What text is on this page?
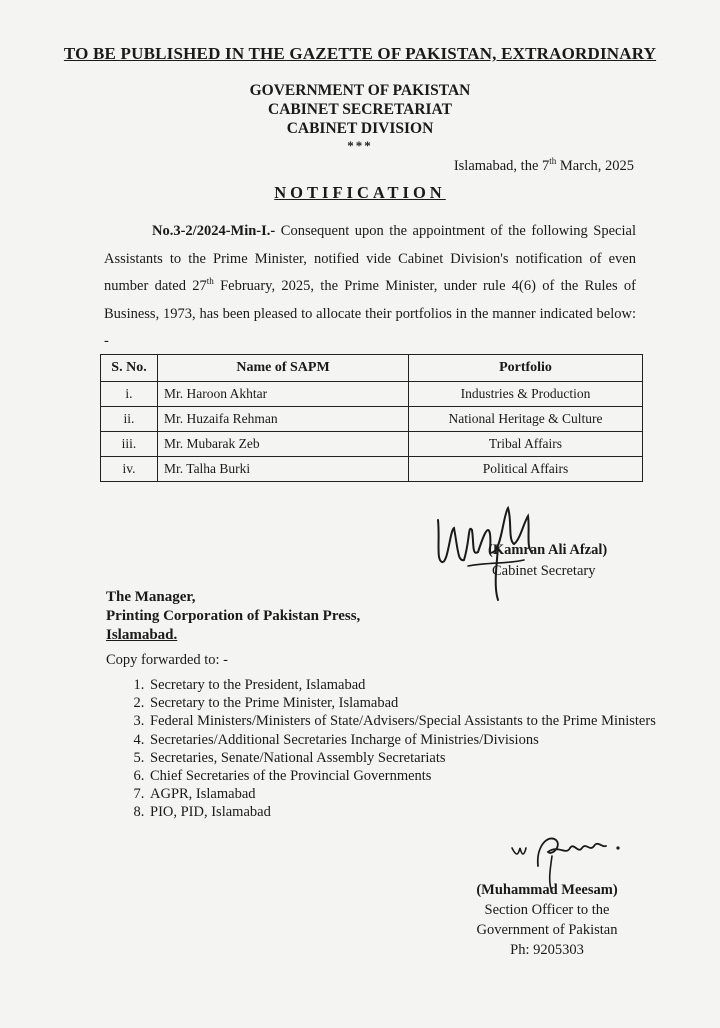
TO BE PUBLISHED IN THE GAZETTE OF PAKISTAN, EXTRAORDINARY
GOVERNMENT OF PAKISTAN
CABINET SECRETARIAT
CABINET DIVISION
***
Islamabad, the 7th March, 2025
NOTIFICATION
No.3-2/2024-Min-I.- Consequent upon the appointment of the following Special Assistants to the Prime Minister, notified vide Cabinet Division's notification of even number dated 27th February, 2025, the Prime Minister, under rule 4(6) of the Rules of Business, 1973, has been pleased to allocate their portfolios in the manner indicated below: -
S. No.	Name of SAPM	Portfolio
i.	Mr. Haroon Akhtar	Industries & Production
ii.	Mr. Huzaifa Rehman	National Heritage & Culture
iii.	Mr. Mubarak Zeb	Tribal Affairs
iv.	Mr. Talha Burki	Political Affairs
(Kamran Ali Afzal)
Cabinet Secretary
The Manager,
Printing Corporation of Pakistan Press,
Islamabad.
Copy forwarded to: -
1. Secretary to the President, Islamabad
2. Secretary to the Prime Minister, Islamabad
3. Federal Ministers/Ministers of State/Advisers/Special Assistants to the Prime Ministers
4. Secretaries/Additional Secretaries Incharge of Ministries/Divisions
5. Secretaries, Senate/National Assembly Secretariats
6. Chief Secretaries of the Provincial Governments
7. AGPR, Islamabad
8. PIO, PID, Islamabad
(Muhammad Meesam)
Section Officer to the
Government of Pakistan
Ph: 9205303
